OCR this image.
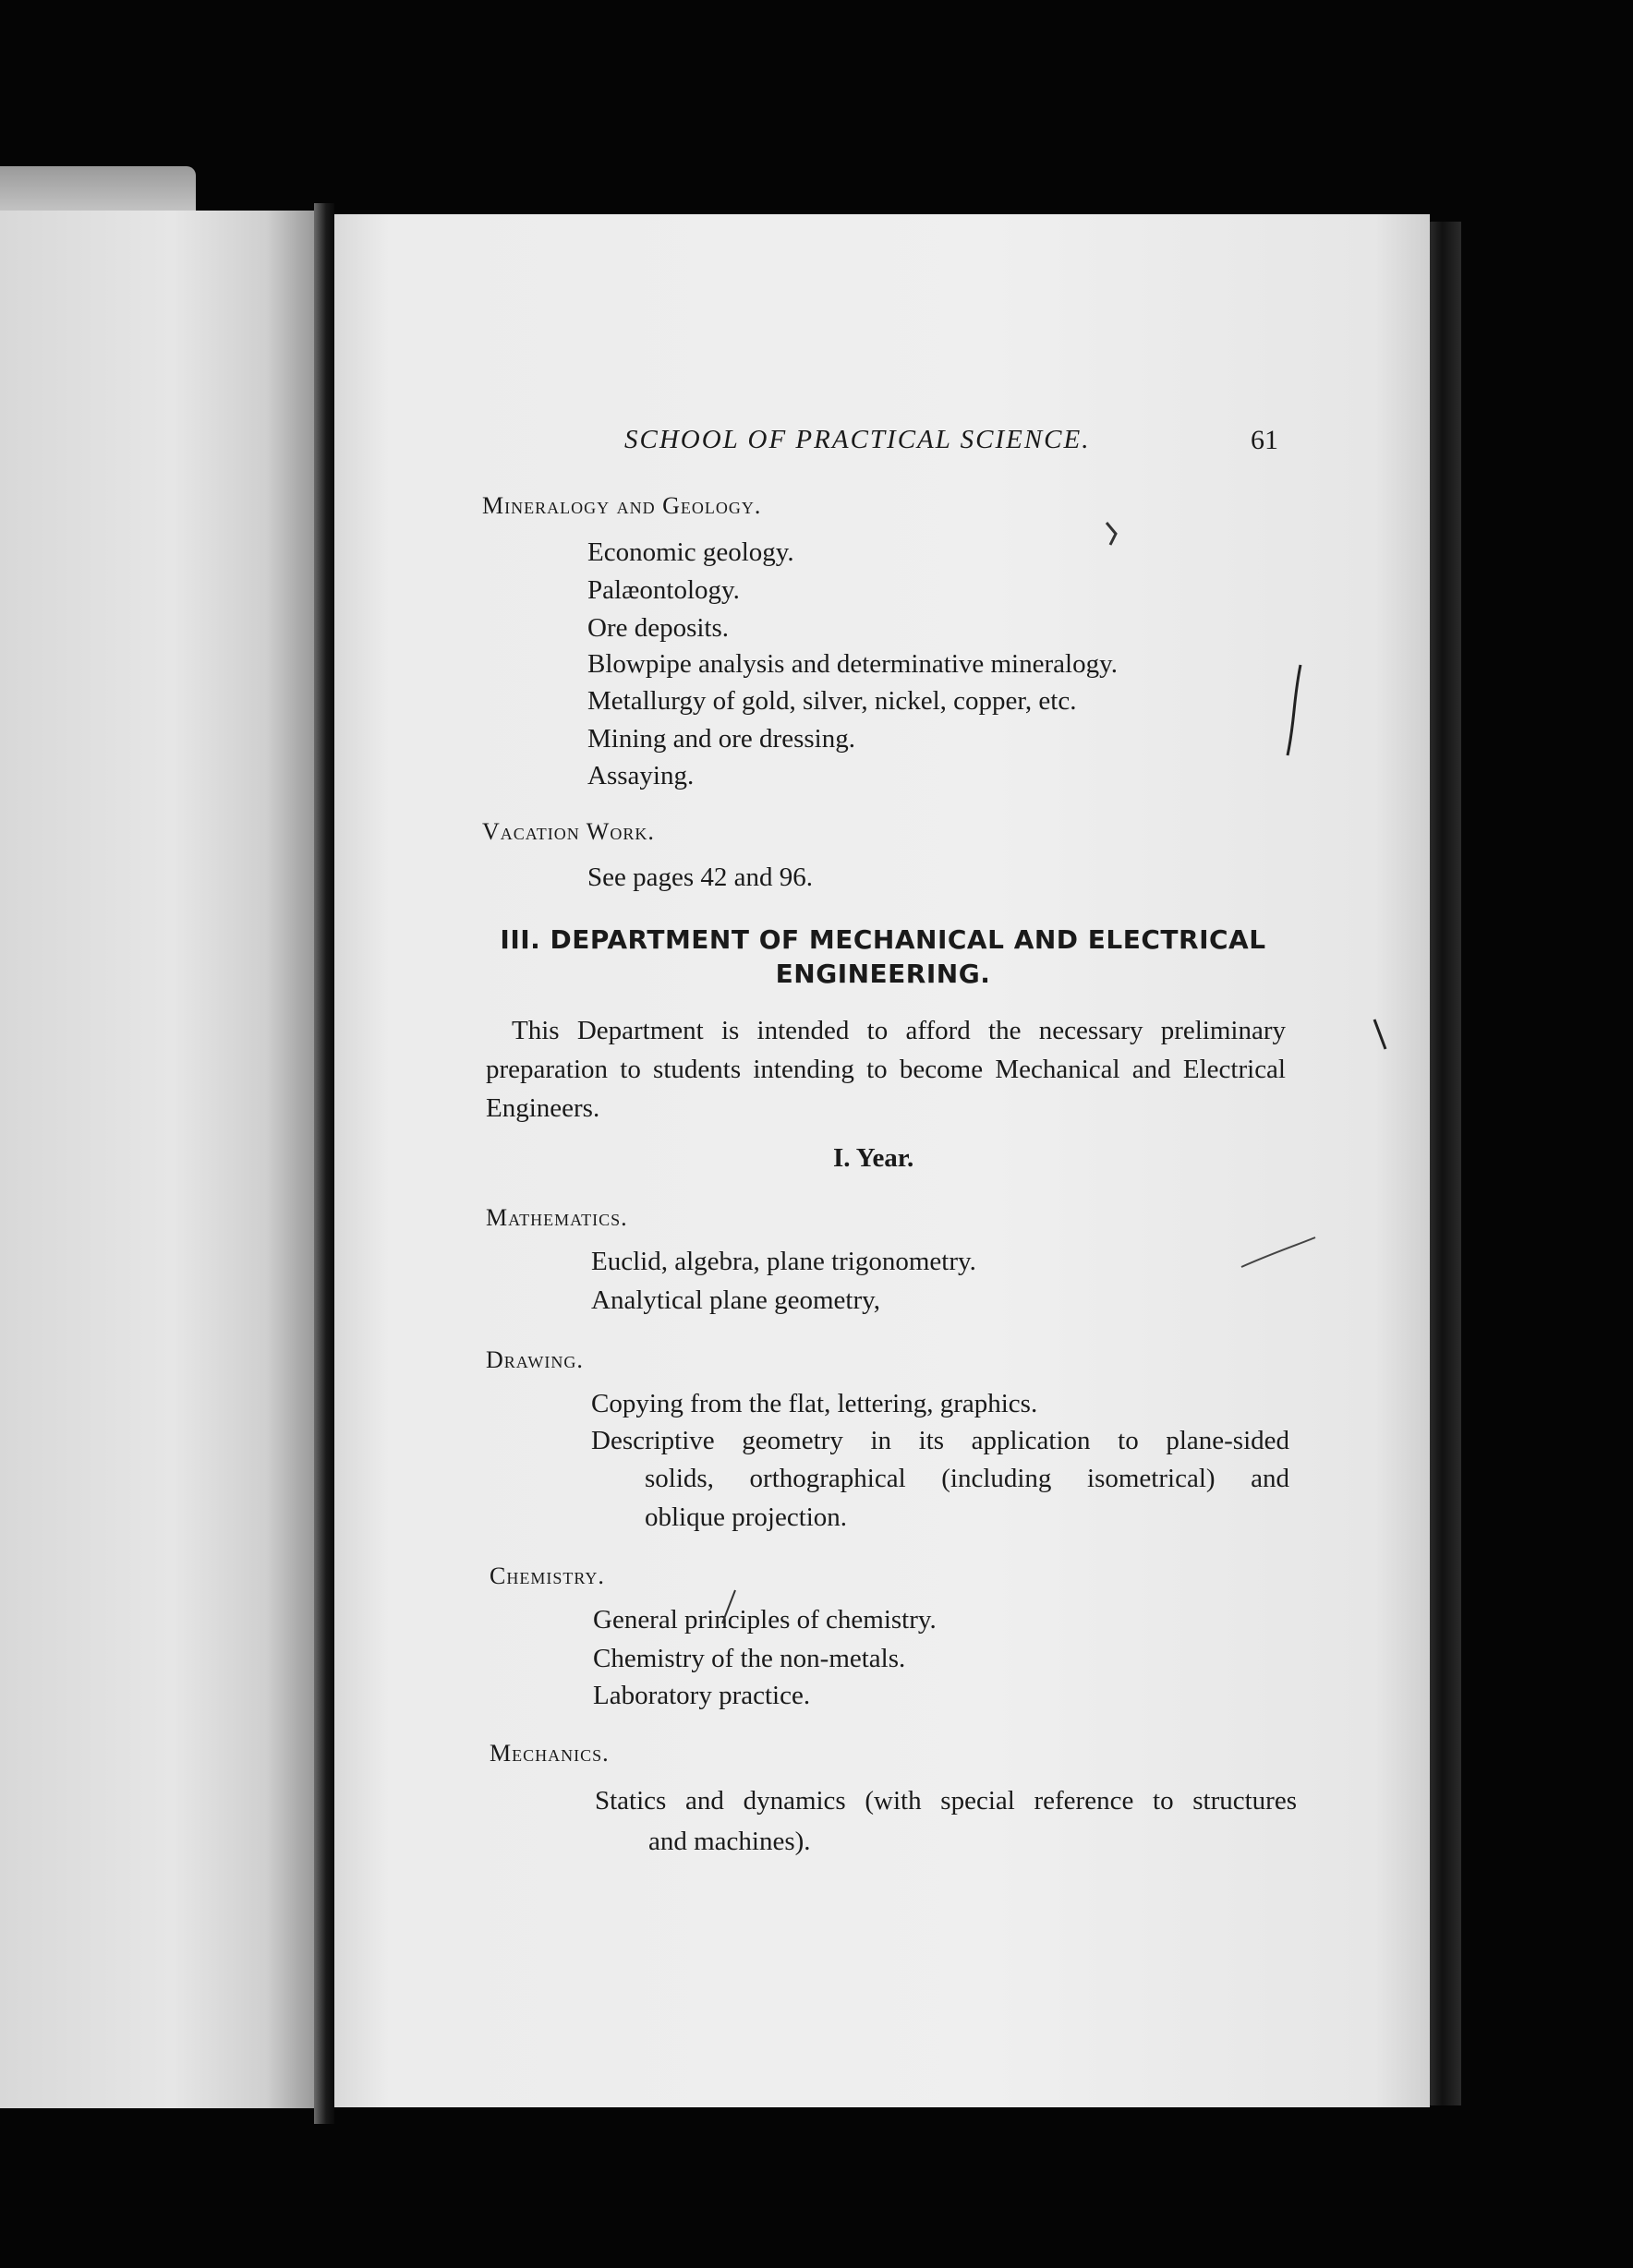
SCHOOL OF PRACTICAL SCIENCE.	61
Mineralogy and Geology.
Economic geology.
Palæontology.
Ore deposits.
Blowpipe analysis and determinative mineralogy.
Metallurgy of gold, silver, nickel, copper, etc.
Mining and ore dressing.
Assaying.
Vacation Work.
See pages 42 and 96.
III. DEPARTMENT OF MECHANICAL AND ELECTRICAL
ENGINEERING.
This Department is intended to afford the necessary preliminary preparation to students intending to become Mechanical and Electrical Engineers.
I. Year.
Mathematics.
Euclid, algebra, plane trigonometry.
Analytical plane geometry,
Drawing.
Copying from the flat, lettering, graphics.
Descriptive geometry in its application to plane-sided
solids, orthographical (including isometrical) and
oblique projection.
Chemistry.
General principles of chemistry.
Chemistry of the non-metals.
Laboratory practice.
Mechanics.
Statics and dynamics (with special reference to structures
and machines).
